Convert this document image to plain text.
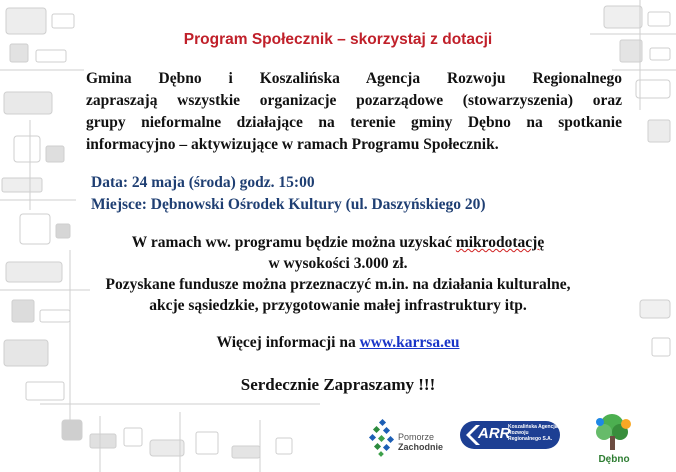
Program Społecznik – skorzystaj z dotacji
Gmina Dębno i Koszalińska Agencja Rozwoju Regionalnego
zapraszają wszystkie organizacje pozarządowe (stowarzyszenia) oraz
grupy nieformalne działające na terenie gminy Dębno na spotkanie
informacyjno – aktywizujące w ramach Programu Społecznik.
Data: 24 maja (środa) godz. 15:00
Miejsce: Dębnowski Ośrodek Kultury (ul. Daszyńskiego 20)
W ramach ww. programu będzie można uzyskać mikrodotację
w wysokości 3.000 zł.
Pozyskane fundusze można przeznaczyć m.in. na działania kulturalne,
akcje sąsiedzkie, przygotowanie małej infrastruktury itp.
Więcej informacji na www.karrsa.eu
Serdecznie Zapraszamy !!!
Pomorze
Zachodnie
ARR
Koszalińska Agencja Rozwoju Regionalnego S.A.
Dębno
